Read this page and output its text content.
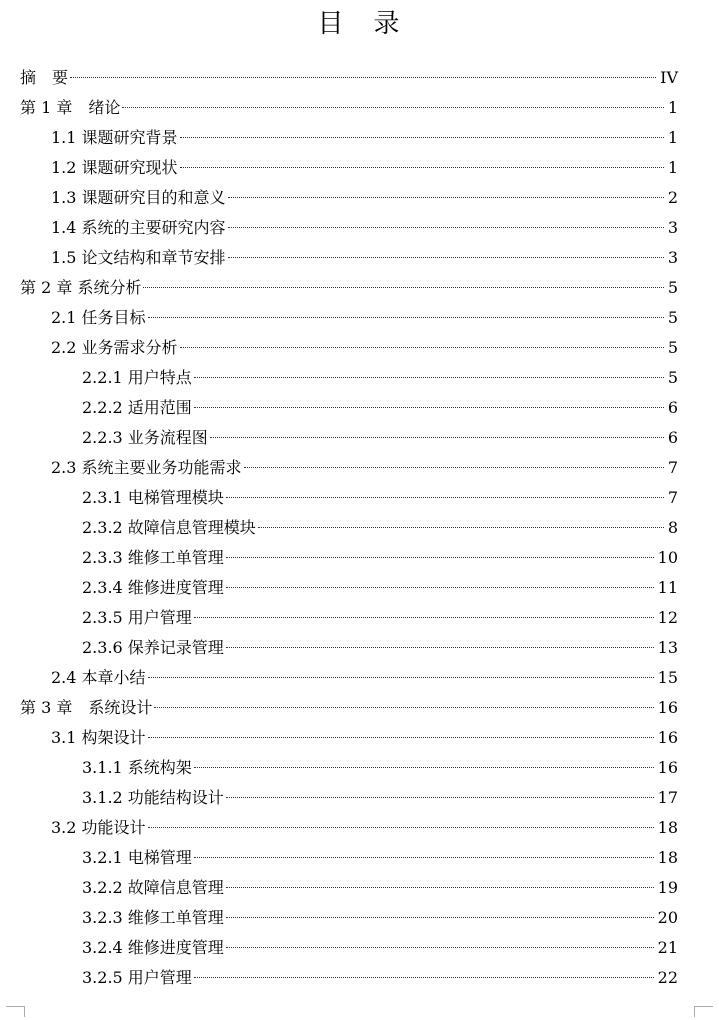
目　录
摘　要	IV
第 1 章　绪论	1
1.1 课题研究背景	1
1.2 课题研究现状	1
1.3 课题研究目的和意义	2
1.4 系统的主要研究内容	3
1.5 论文结构和章节安排	3
第 2 章 系统分析	5
2.1 任务目标	5
2.2 业务需求分析	5
2.2.1 用户特点	5
2.2.2 适用范围	6
2.2.3 业务流程图	6
2.3 系统主要业务功能需求	7
2.3.1 电梯管理模块	7
2.3.2 故障信息管理模块	8
2.3.3 维修工单管理	10
2.3.4 维修进度管理	11
2.3.5 用户管理	12
2.3.6 保养记录管理	13
2.4 本章小结	15
第 3 章　系统设计	16
3.1 构架设计	16
3.1.1 系统构架	16
3.1.2 功能结构设计	17
3.2 功能设计	18
3.2.1 电梯管理	18
3.2.2 故障信息管理	19
3.2.3 维修工单管理	20
3.2.4 维修进度管理	21
3.2.5 用户管理	22
